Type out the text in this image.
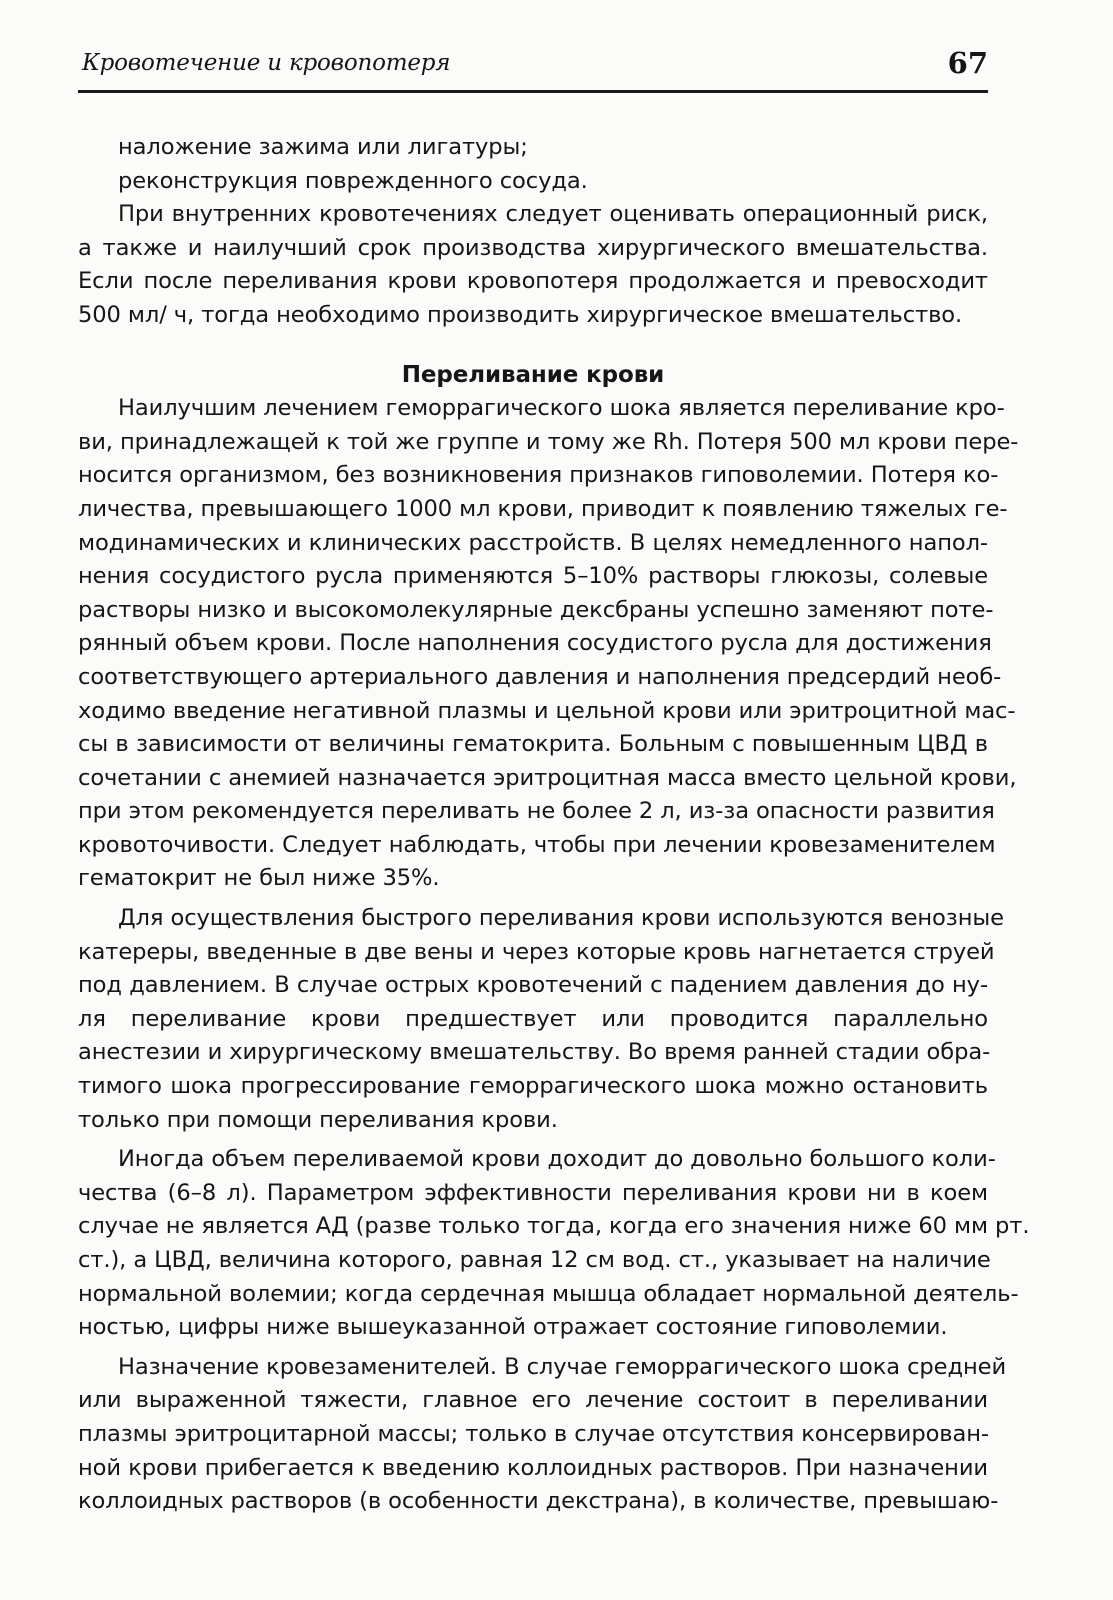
Кровотечение и кровопотеря	67
наложение зажима или лигатуры;
реконструкция поврежденного сосуда.
При внутренних кровотечениях следует оценивать операционный риск,
а также и наилучший срок производства хирургического вмешательства.
Если после переливания крови кровопотеря продолжается и превосходит
500 мл/ ч, тогда необходимо производить хирургическое вмешательство.
Переливание крови
Наилучшим лечением геморрагического шока является переливание кро-
ви, принадлежащей к той же группе и тому же Rh. Потеря 500 мл крови пере-
носится организмом, без возникновения признаков гиповолемии. Потеря ко-
личества, превышающего 1000 мл крови, приводит к появлению тяжелых ге-
модинамических и клинических расстройств. В целях немедленного напол-
нения сосудистого русла применяются 5–10% растворы глюкозы, солевые
растворы низко и высокомолекулярные дексбраны успешно заменяют поте-
рянный объем крови. После наполнения сосудистого русла для достижения
соответствующего артериального давления и наполнения предсердий необ-
ходимо введение негативной плазмы и цельной крови или эритроцитной мас-
сы в зависимости от величины гематокрита. Больным с повышенным ЦВД в
сочетании с анемией назначается эритроцитная масса вместо цельной крови,
при этом рекомендуется переливать не более 2 л, из-за опасности развития
кровоточивости. Следует наблюдать, чтобы при лечении кровезаменителем
гематокрит не был ниже 35%.
Для осуществления быстрого переливания крови используются венозные
катереры, введенные в две вены и через которые кровь нагнетается струей
под давлением. В случае острых кровотечений с падением давления до ну-
ля переливание крови предшествует или проводится параллельно
анестезии и хирургическому вмешательству. Во время ранней стадии обра-
тимого шока прогрессирование геморрагического шока можно остановить
только при помощи переливания крови.
Иногда объем переливаемой крови доходит до довольно большого коли-
чества (6–8 л). Параметром эффективности переливания крови ни в коем
случае не является АД (разве только тогда, когда его значения ниже 60 мм рт.
ст.), а ЦВД, величина которого, равная 12 см вод. ст., указывает на наличие
нормальной волемии; когда сердечная мышца обладает нормальной деятель-
ностью, цифры ниже вышеуказанной отражает состояние гиповолемии.
Назначение кровезаменителей. В случае геморрагического шока средней
или выраженной тяжести, главное его лечение состоит в переливании
плазмы эритроцитарной массы; только в случае отсутствия консервирован-
ной крови прибегается к введению коллоидных растворов. При назначении
коллоидных растворов (в особенности декстрана), в количестве, превышаю-
